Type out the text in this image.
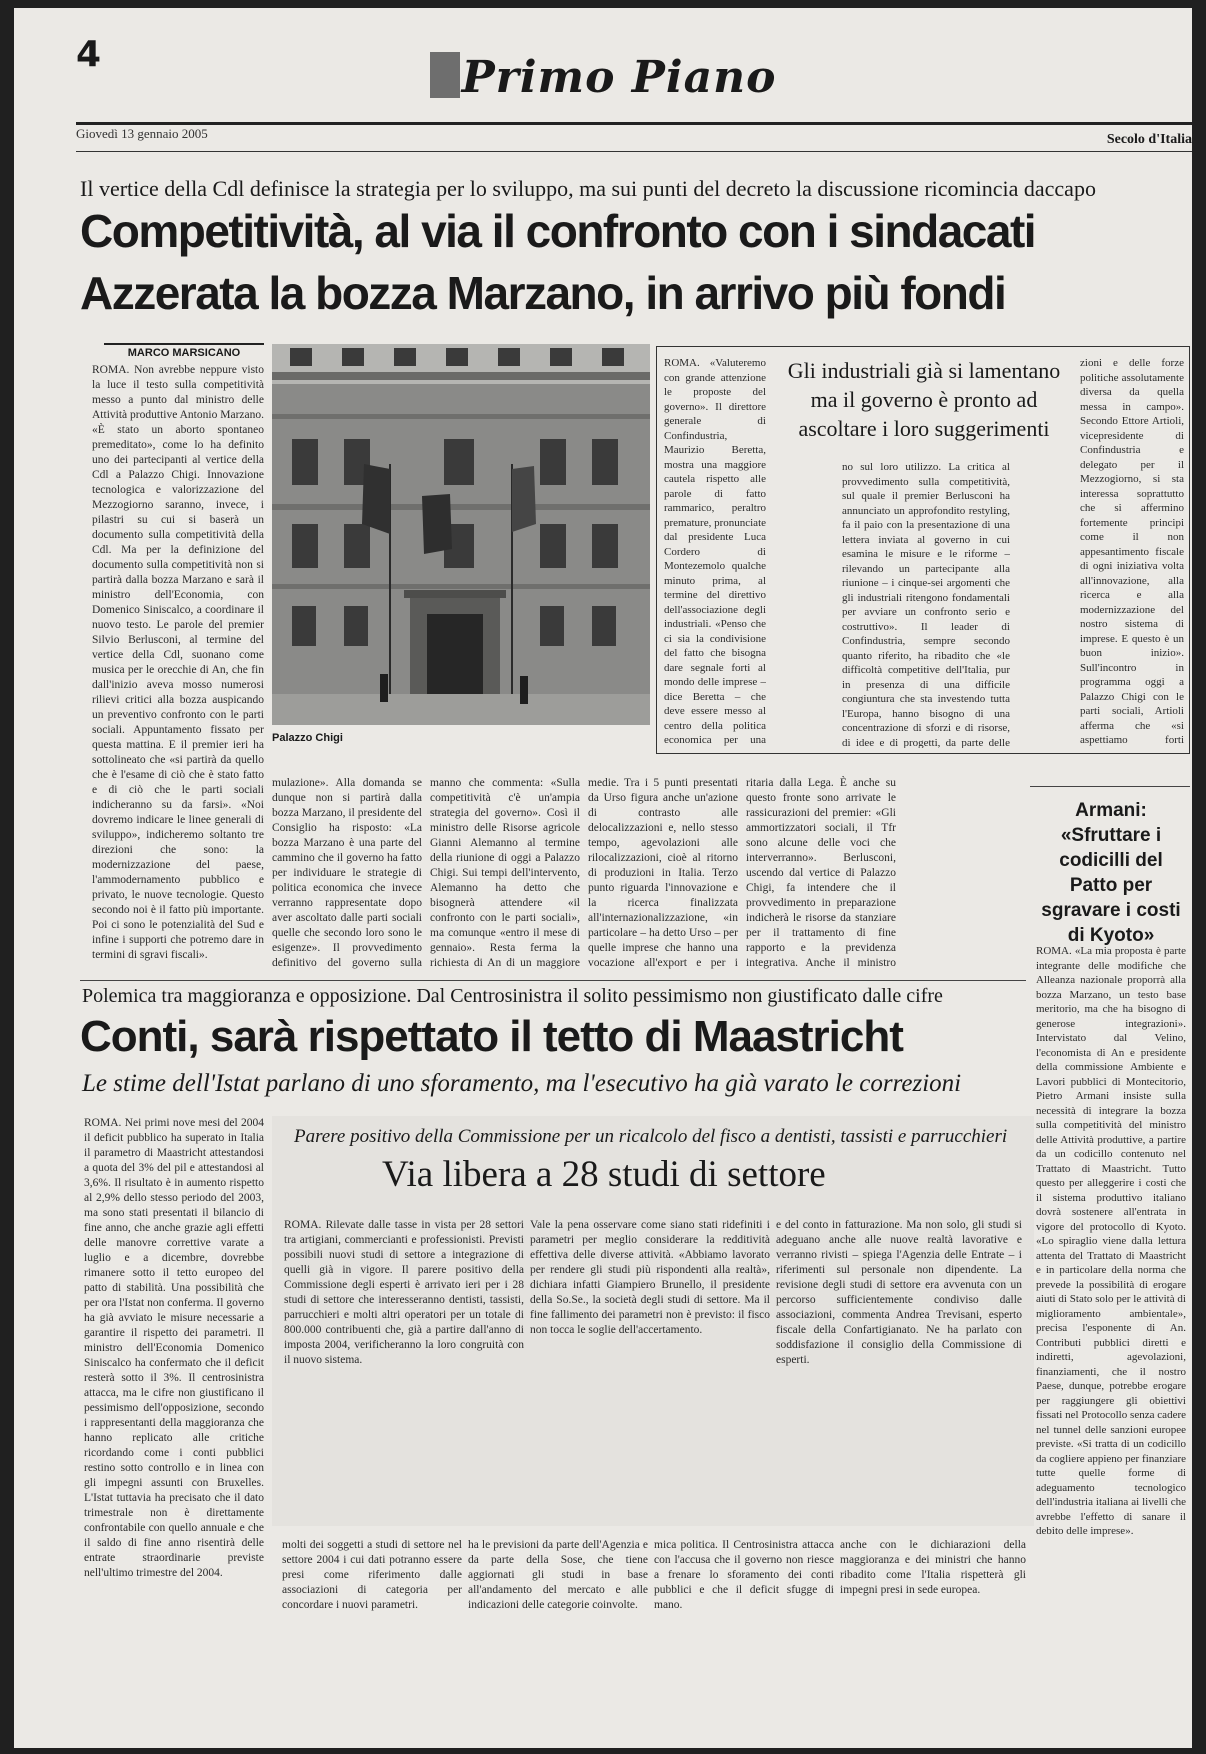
4	Primo Piano
Giovedì 13 gennaio 2005	Secolo d'Italia
Il vertice della Cdl definisce la strategia per lo sviluppo, ma sui punti del decreto la discussione ricomincia daccapo
Competitività, al via il confronto con i sindacati
Azzerata la bozza Marzano, in arrivo più fondi
MARCO MARSICANO
ROMA. Non avrebbe neppure visto la luce il testo sulla competitività messo a punto dal ministro delle Attività produttive Antonio Marzano. «È stato un aborto spontaneo premeditato», come lo ha definito uno dei partecipanti al vertice della Cdl a Palazzo Chigi. Innovazione tecnologica e valorizzazione del Mezzogiorno saranno, invece, i pilastri su cui si baserà un documento sulla competitività della Cdl. Ma per la definizione del documento sulla competitività non si partirà dalla bozza Marzano e sarà il ministro dell'Economia, con Domenico Siniscalco, a coordinare il nuovo testo. Le parole del premier Silvio Berlusconi, al termine del vertice della Cdl, suonano come musica per le orecchie di An, che fin dall'inizio aveva mosso numerosi rilievi critici alla bozza auspicando un preventivo confronto con le parti sociali. Appuntamento fissato per questa mattina. E il premier ieri ha sottolineato che «si partirà da quello che è l'esame di ciò che è stato fatto e di ciò che le parti sociali indicheranno su da farsi». «Noi dovremo indicare le linee generali di sviluppo», indicheremo soltanto tre direzioni che sono: la modernizzazione del paese, l'ammodernamento pubblico e privato, le nuove tecnologie. Questo secondo noi è il fatto più importante. Poi ci sono le potenzialità del Sud e infine i supporti che potremo dare in termini di sgravi fiscali».
Palazzo Chigi
mulazione». Alla domanda se dunque non si partirà dalla bozza Marzano, il presidente del Consiglio ha risposto: «La bozza Marzano è una parte del cammino che il governo ha fatto per individuare le strategie di politica economica che invece verranno rappresentate dopo aver ascoltato dalle parti sociali quelle che secondo loro sono le esigenze». Il provvedimento definitivo del governo sulla
manno che commenta: «Sulla competitività c'è un'ampia strategia del governo». Così il ministro delle Risorse agricole Gianni Alemanno al termine della riunione di oggi a Palazzo Chigi. Sui tempi dell'intervento, Alemanno ha detto che bisognerà attendere «il confronto con le parti sociali», ma comunque «entro il mese di gennaio». Resta ferma la richiesta di An di un maggiore
medie. Tra i 5 punti presentati da Urso figura anche un'azione di contrasto alle delocalizzazioni e, nello stesso tempo, agevolazioni alle rilocalizzazioni, cioè al ritorno di produzioni in Italia. Terzo punto riguarda l'innovazione e la ricerca finalizzata all'internazionalizzazione, «in particolare – ha detto Urso – per quelle imprese che hanno una vocazione all'export e per i
ritaria dalla Lega. È anche su questo fronte sono arrivate le rassicurazioni del premier: «Gli ammortizzatori sociali, il Tfr sono alcune delle voci che interverranno». Berlusconi, uscendo dal vertice di Palazzo Chigi, fa intendere che il provvedimento in preparazione indicherà le risorse da stanziare per il trattamento di fine rapporto e la previdenza integrativa. Anche il ministro
Gli industriali già si lamentano ma il governo è pronto ad ascoltare i loro suggerimenti
ROMA. «Valuteremo con grande attenzione le proposte del governo». Il direttore generale di Confindustria, Maurizio Beretta, mostra una maggiore cautela rispetto alle parole di fatto rammarico, peraltro premature, pronunciate dal presidente Luca Cordero di Montezemolo qualche minuto prima, al termine del direttivo dell'associazione degli industriali. «Penso che ci sia la condivisione del fatto che bisogna dare segnale forti al mondo delle imprese – dice Beretta – che deve essere messo al centro della politica economica per una
no sul loro utilizzo. La critica al provvedimento sulla competitività, sul quale il premier Berlusconi ha annunciato un approfondito restyling, fa il paio con la presentazione di una lettera inviata al governo in cui esamina le misure e le riforme – rilevando un partecipante alla riunione – i cinque-sei argomenti che gli industriali ritengono fondamentali per avviare un confronto serio e costruttivo». Il leader di Confindustria, sempre secondo quanto riferito, ha ribadito che «le difficoltà competitive dell'Italia, pur in presenza di una difficile congiuntura che sta investendo tutta l'Europa, hanno bisogno di una concentrazione di sforzi e di risorse, di idee e di progetti, da parte delle
zioni e delle forze politiche assolutamente diversa da quella messa in campo». Secondo Ettore Artioli, vicepresidente di Confindustria e delegato per il Mezzogiorno, si sta interessa soprattutto che si affermino fortemente principi come il non appesantimento fiscale di ogni iniziativa volta all'innovazione, alla ricerca e alla modernizzazione del nostro sistema di imprese. E questo è un buon inizio». Sull'incontro in programma oggi a Palazzo Chigi con le parti sociali, Artioli afferma che «si aspettiamo forti
Armani: «Sfruttare i codicilli del Patto per sgravare i costi di Kyoto»
ROMA. «La mia proposta è parte integrante delle modifiche che Alleanza nazionale proporrà alla bozza Marzano, un testo base meritorio, ma che ha bisogno di generose integrazioni». Intervistato dal Velino, l'economista di An e presidente della commissione Ambiente e Lavori pubblici di Montecitorio, Pietro Armani insiste sulla necessità di integrare la bozza sulla competitività del ministro delle Attività produttive, a partire da un codicillo contenuto nel Trattato di Maastricht. Tutto questo per alleggerire i costi che il sistema produttivo italiano dovrà sostenere all'entrata in vigore del protocollo di Kyoto. «Lo spiraglio viene dalla lettura attenta del Trattato di Maastricht e in particolare della norma che prevede la possibilità di erogare aiuti di Stato solo per le attività di miglioramento ambientale», precisa l'esponente di An. Contributi pubblici diretti e indiretti, agevolazioni, finanziamenti, che il nostro Paese, dunque, potrebbe erogare per raggiungere gli obiettivi fissati nel Protocollo senza cadere nel tunnel delle sanzioni europee previste. «Si tratta di un codicillo da cogliere appieno per finanziare tutte quelle forme di adeguamento tecnologico dell'industria italiana ai livelli che avrebbe l'effetto di sanare il debito delle imprese».
Polemica tra maggioranza e opposizione. Dal Centrosinistra il solito pessimismo non giustificato dalle cifre
Conti, sarà rispettato il tetto di Maastricht
Le stime dell'Istat parlano di uno sforamento, ma l'esecutivo ha già varato le correzioni
ROMA. Nei primi nove mesi del 2004 il deficit pubblico ha superato in Italia il parametro di Maastricht attestandosi a quota del 3% del pil e attestandosi al 3,6%. Il risultato è in aumento rispetto al 2,9% dello stesso periodo del 2003, ma sono stati presentati il bilancio di fine anno, che anche grazie agli effetti delle manovre correttive varate a luglio e a dicembre, dovrebbe rimanere sotto il tetto europeo del patto di stabilità. Una possibilità che per ora l'Istat non conferma. Il governo ha già avviato le misure necessarie a garantire il rispetto dei parametri. Il ministro dell'Economia Domenico Siniscalco ha confermato che il deficit resterà sotto il 3%. Il centrosinistra attacca, ma le cifre non giustificano il pessimismo dell'opposizione, secondo i rappresentanti della maggioranza che hanno replicato alle critiche ricordando come i conti pubblici restino sotto controllo e in linea con gli impegni assunti con Bruxelles. L'Istat tuttavia ha precisato che il dato trimestrale non è direttamente confrontabile con quello annuale e che il saldo di fine anno risentirà delle entrate straordinarie previste nell'ultimo trimestre del 2004.
Parere positivo della Commissione per un ricalcolo del fisco a dentisti, tassisti e parrucchieri
Via libera a 28 studi di settore
ROMA. Rilevate dalle tasse in vista per 28 settori tra artigiani, commercianti e professionisti. Previsti possibili nuovi studi di settore a integrazione di quelli già in vigore. Il parere positivo della Commissione degli esperti è arrivato ieri per i 28 studi di settore che interesseranno dentisti, tassisti, parrucchieri e molti altri operatori per un totale di 800.000 contribuenti che, già a partire dall'anno di imposta 2004, verificheranno la loro congruità con il nuovo sistema.
Vale la pena osservare come siano stati ridefiniti i parametri per meglio considerare la redditività effettiva delle diverse attività. «Abbiamo lavorato per rendere gli studi più rispondenti alla realtà», dichiara infatti Giampiero Brunello, il presidente della So.Se., la società degli studi di settore. Ma il fine fallimento dei parametri non è previsto: il fisco non tocca le soglie dell'accertamento.
e del conto in fatturazione. Ma non solo, gli studi si adeguano anche alle nuove realtà lavorative e verranno rivisti – spiega l'Agenzia delle Entrate – i riferimenti sul personale non dipendente. La revisione degli studi di settore era avvenuta con un percorso sufficientemente condiviso dalle associazioni, commenta Andrea Trevisani, esperto fiscale della Confartigianato. Ne ha parlato con soddisfazione il consiglio della Commissione di esperti.
molti dei soggetti a studi di settore nel settore 2004 i cui dati potranno essere presi come riferimento dalle associazioni di categoria per concordare i nuovi parametri.
ha le previsioni da parte dell'Agenzia e da parte della Sose, che tiene aggiornati gli studi in base all'andamento del mercato e alle indicazioni delle categorie coinvolte.
mica politica. Il Centrosinistra attacca con l'accusa che il governo non riesce a frenare lo sforamento dei conti pubblici e che il deficit sfugge di mano.
anche con le dichiarazioni della maggioranza e dei ministri che hanno ribadito come l'Italia rispetterà gli impegni presi in sede europea.
